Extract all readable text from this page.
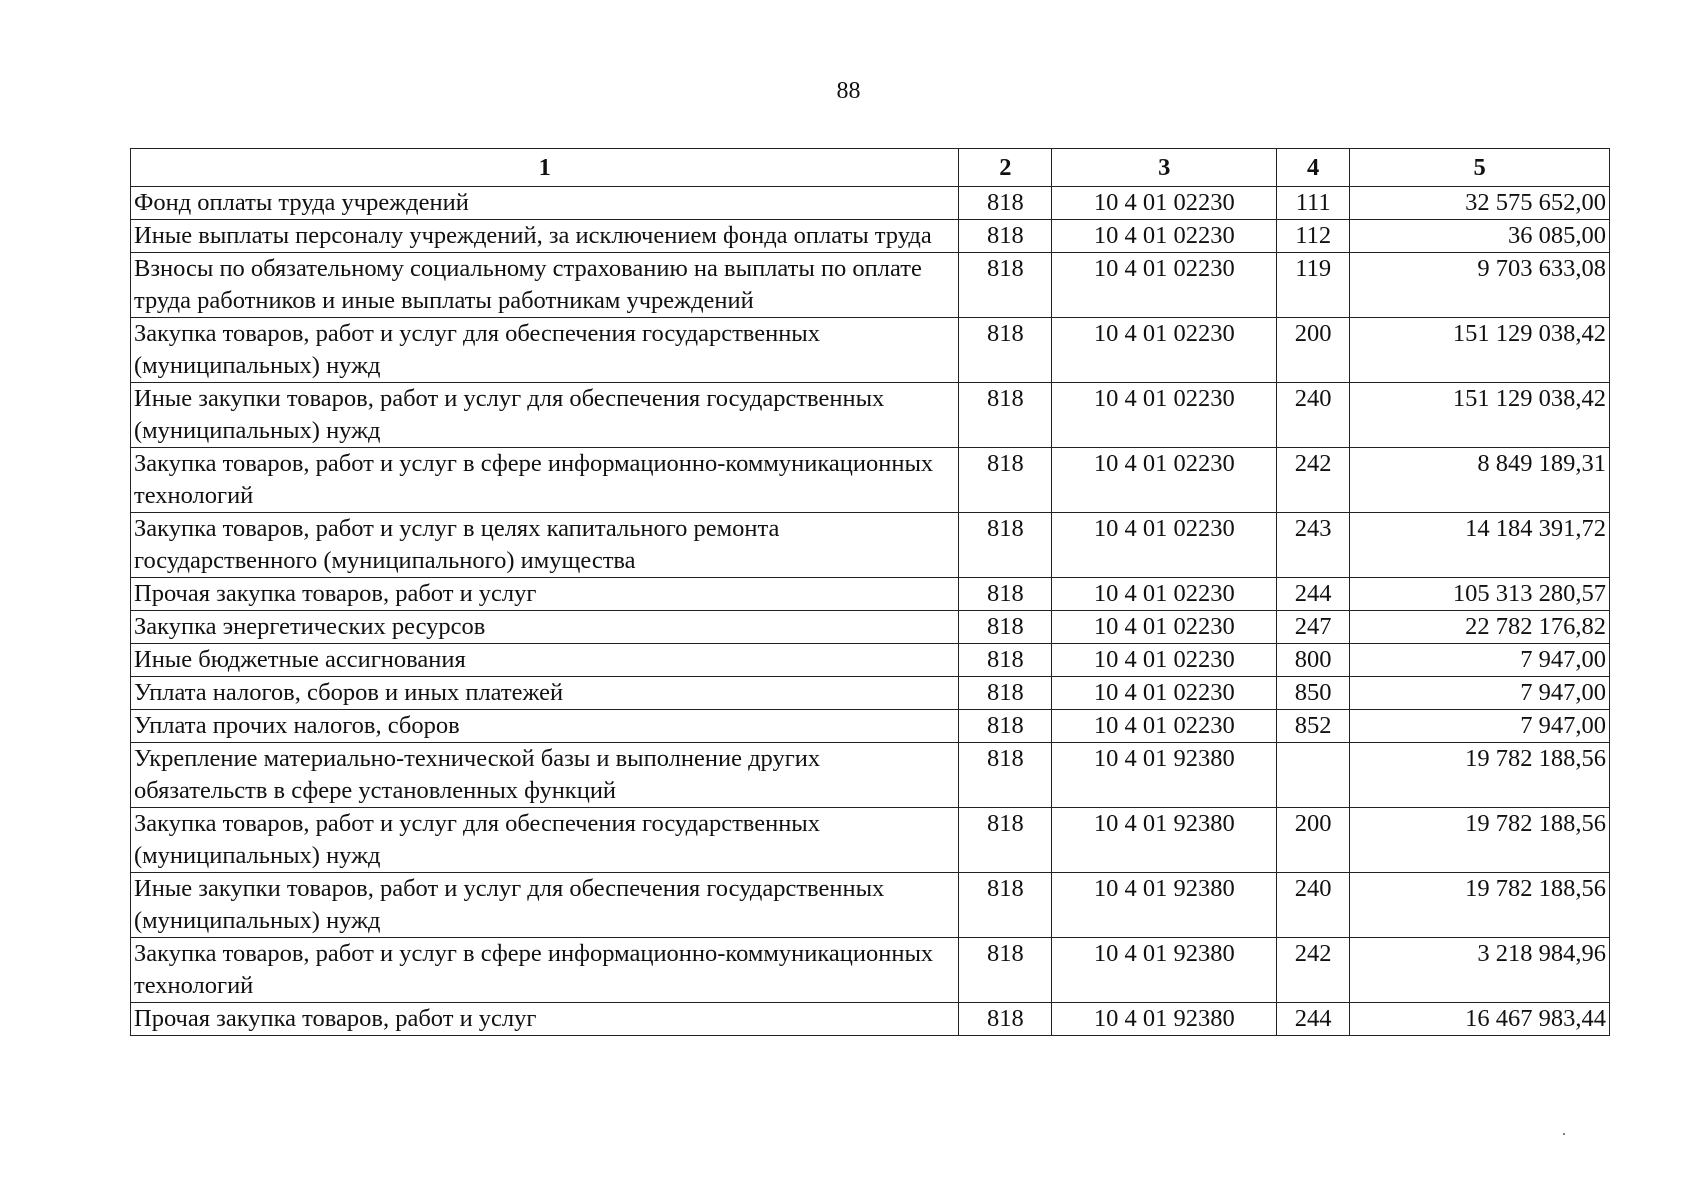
88
1	2	3	4	5
Фонд оплаты труда учреждений	818	10 4 01 02230	111	32 575 652,00
Иные выплаты персоналу учреждений, за исключением фонда оплаты труда	818	10 4 01 02230	112	36 085,00
Взносы по обязательному социальному страхованию на выплаты по оплате труда работников и иные выплаты работникам учреждений	818	10 4 01 02230	119	9 703 633,08
Закупка товаров, работ и услуг для обеспечения государственных (муниципальных) нужд	818	10 4 01 02230	200	151 129 038,42
Иные закупки товаров, работ и услуг для обеспечения государственных (муниципальных) нужд	818	10 4 01 02230	240	151 129 038,42
Закупка товаров, работ и услуг в сфере информационно-коммуникационных технологий	818	10 4 01 02230	242	8 849 189,31
Закупка товаров, работ и услуг в целях капитального ремонта государственного (муниципального) имущества	818	10 4 01 02230	243	14 184 391,72
Прочая закупка товаров, работ и услуг	818	10 4 01 02230	244	105 313 280,57
Закупка энергетических ресурсов	818	10 4 01 02230	247	22 782 176,82
Иные бюджетные ассигнования	818	10 4 01 02230	800	7 947,00
Уплата налогов, сборов и иных платежей	818	10 4 01 02230	850	7 947,00
Уплата прочих налогов, сборов	818	10 4 01 02230	852	7 947,00
Укрепление материально-технической базы и выполнение других обязательств в сфере установленных функций	818	10 4 01 92380		19 782 188,56
Закупка товаров, работ и услуг для обеспечения государственных (муниципальных) нужд	818	10 4 01 92380	200	19 782 188,56
Иные закупки товаров, работ и услуг для обеспечения государственных (муниципальных) нужд	818	10 4 01 92380	240	19 782 188,56
Закупка товаров, работ и услуг в сфере информационно-коммуникационных технологий	818	10 4 01 92380	242	3 218 984,96
Прочая закупка товаров, работ и услуг	818	10 4 01 92380	244	16 467 983,44
